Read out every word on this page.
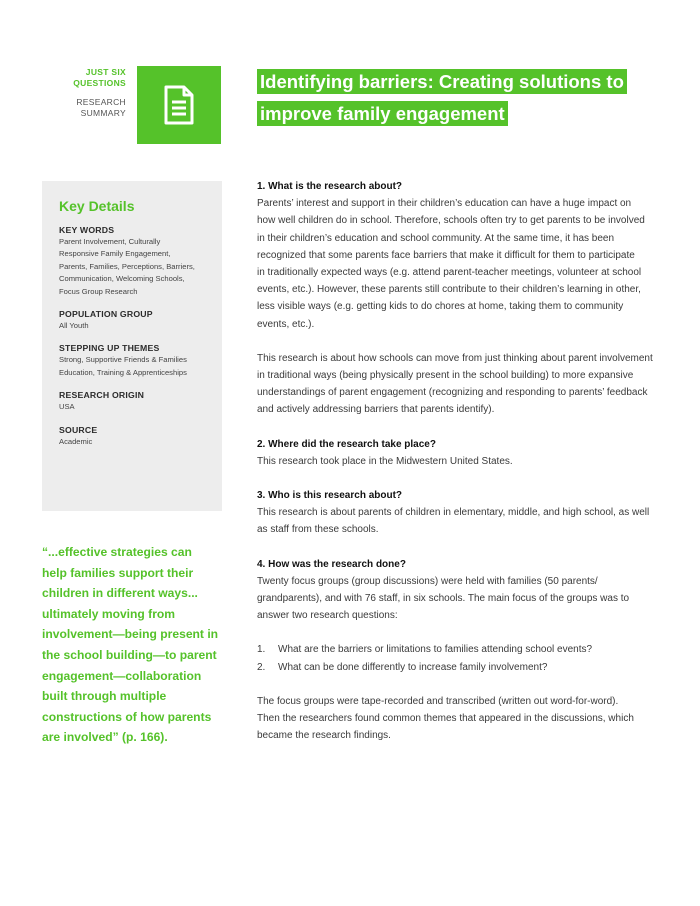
JUST SIX
QUESTIONS
RESEARCH
SUMMARY
Identifying barriers: Creating solutions to
improve family engagement
Key Details
KEY WORDS
Parent Involvement, Culturally
Responsive Family Engagement,
Parents, Families, Perceptions, Barriers,
Communication, Welcoming Schools,
Focus Group Research
POPULATION GROUP
All Youth
STEPPING UP THEMES
Strong, Supportive Friends & Families
Education, Training & Apprenticeships
RESEARCH ORIGIN
USA
SOURCE
Academic
“...effective strategies can
help families support their
children in different ways...
ultimately moving from
involvement—being present in
the school building—to parent
engagement—collaboration
built through multiple
constructions of how parents
are involved” (p. 166).
1. What is the research about?

Parents’ interest and support in their children’s education can have a huge impact on
how well children do in school. Therefore, schools often try to get parents to be involved
in their children’s education and school community. At the same time, it has been
recognized that some parents face barriers that make it difficult for them to participate
in traditionally expected ways (e.g. attend parent-teacher meetings, volunteer at school
events, etc.). However, these parents still contribute to their children’s learning in other,
less visible ways (e.g. getting kids to do chores at home, taking them to community
events, etc.).

This research is about how schools can move from just thinking about parent involvement
in traditional ways (being physically present in the school building) to more expansive
understandings of parent engagement (recognizing and responding to parents’ feedback
and actively addressing barriers that parents identify).

2. Where did the research take place?

This research took place in the Midwestern United States.

3. Who is this research about?

This research is about parents of children in elementary, middle, and high school, as well
as staff from these schools.

4. How was the research done?

Twenty focus groups (group discussions) were held with families (50 parents/
grandparents), and with 76 staff, in six schools. The main focus of the groups was to
answer two research questions:

1.	What are the barriers or limitations to families attending school events?
2.	What can be done differently to increase family involvement?

The focus groups were tape-recorded and transcribed (written out word-for-word).
Then the researchers found common themes that appeared in the discussions, which
became the research findings.
